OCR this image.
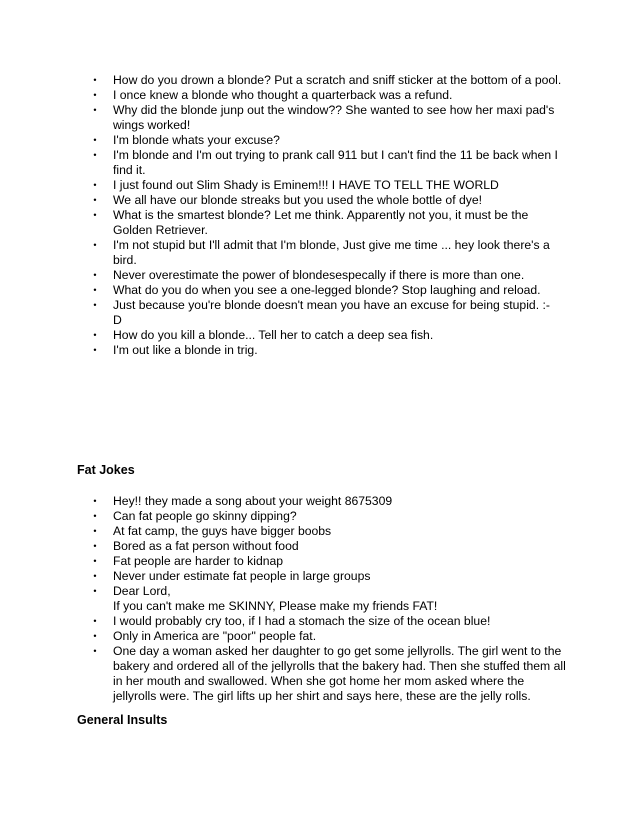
• How do you drown a blonde? Put a scratch and sniff sticker at the bottom of a pool.
• I once knew a blonde who thought a quarterback was a refund.
• Why did the blonde junp out the window?? She wanted to see how her maxi pad's wings worked!
• I'm blonde whats your excuse?
• I'm blonde and I'm out trying to prank call 911 but I can't find the 11 be back when I find it.
• I just found out Slim Shady is Eminem!!! I HAVE TO TELL THE WORLD
• We all have our blonde streaks but you used the whole bottle of dye!
• What is the smartest blonde? Let me think. Apparently not you, it must be the Golden Retriever.
• I'm not stupid but I'll admit that I'm blonde, Just give me time ... hey look there's a bird.
• Never overestimate the power of blondesespecally if there is more than one.
• What do you do when you see a one-legged blonde? Stop laughing and reload.
• Just because you're blonde doesn't mean you have an excuse for being stupid. :-
D
• How do you kill a blonde... Tell her to catch a deep sea fish.
• I'm out like a blonde in trig.
Fat Jokes
• Hey!! they made a song about your weight 8675309
• Can fat people go skinny dipping?
• At fat camp, the guys have bigger boobs
• Bored as a fat person without food
• Fat people are harder to kidnap
• Never under estimate fat people in large groups
• Dear Lord,
If you can't make me SKINNY, Please make my friends FAT!
• I would probably cry too, if I had a stomach the size of the ocean blue!
• Only in America are "poor" people fat.
• One day a woman asked her daughter to go get some jellyrolls. The girl went to the bakery and ordered all of the jellyrolls that the bakery had. Then she stuffed them all in her mouth and swallowed. When she got home her mom asked where the jellyrolls were. The girl lifts up her shirt and says here, these are the jelly rolls.
General Insults
